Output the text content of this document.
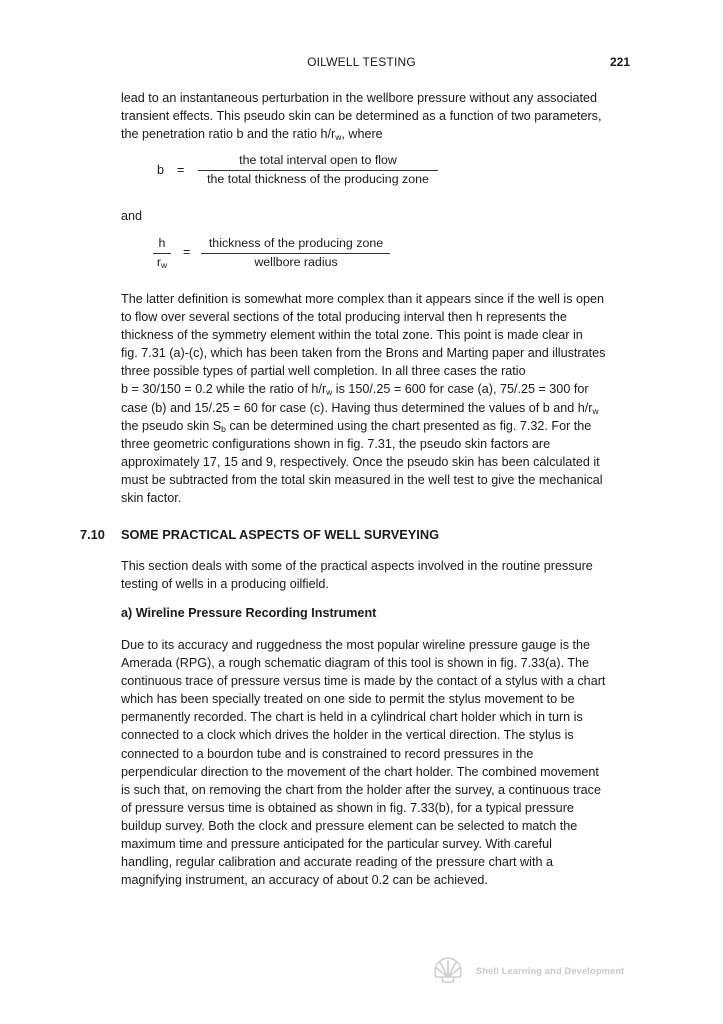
OILWELL TESTING	221
lead to an instantaneous perturbation in the wellbore pressure without any associated
transient effects. This pseudo skin can be determined as a function of two parameters,
the penetration ratio b and the ratio $h/r_w$, where
b =
the total interval open to flow
the total thickness of the producing zone
and
h
$r_w$
=
thickness of the producing zone
wellbore radius
The latter definition is somewhat more complex than it appears since if the well is open
to flow over several sections of the total producing interval then h represents the
thickness of the symmetry element within the total zone. This point is made clear in
fig. 7.31 (a)-(c), which has been taken from the Brons and Marting paper and illustrates
three possible types of partial well completion. In all three cases the ratio
b = 30/150 = 0.2 while the ratio of $h/r_w$ is 150/.25 = 600 for case (a), 75/.25 = 300 for
case (b) and 15/.25 = 60 for case (c). Having thus determined the values of b and $h/r_w$
the pseudo skin $S_b$ can be determined using the chart presented as fig. 7.32. For the
three geometric configurations shown in fig. 7.31, the pseudo skin factors are
approximately 17, 15 and 9, respectively. Once the pseudo skin has been calculated it
must be subtracted from the total skin measured in the well test to give the mechanical
skin factor.
7.10 SOME PRACTICAL ASPECTS OF WELL SURVEYING
This section deals with some of the practical aspects involved in the routine pressure
testing of wells in a producing oilfield.
a) Wireline Pressure Recording Instrument
Due to its accuracy and ruggedness the most popular wireline pressure gauge is the
Amerada (RPG), a rough schematic diagram of this tool is shown in fig. 7.33(a). The
continuous trace of pressure versus time is made by the contact of a stylus with a chart
which has been specially treated on one side to permit the stylus movement to be
permanently recorded. The chart is held in a cylindrical chart holder which in turn is
connected to a clock which drives the holder in the vertical direction. The stylus is
connected to a bourdon tube and is constrained to record pressures in the
perpendicular direction to the movement of the chart holder. The combined movement
is such that, on removing the chart from the holder after the survey, a continuous trace
of pressure versus time is obtained as shown in fig. 7.33(b), for a typical pressure
buildup survey. Both the clock and pressure element can be selected to match the
maximum time and pressure anticipated for the particular survey. With careful
handling, regular calibration and accurate reading of the pressure chart with a
magnifying instrument, an accuracy of about 0.2 can be achieved.
Shell Learning and Development
